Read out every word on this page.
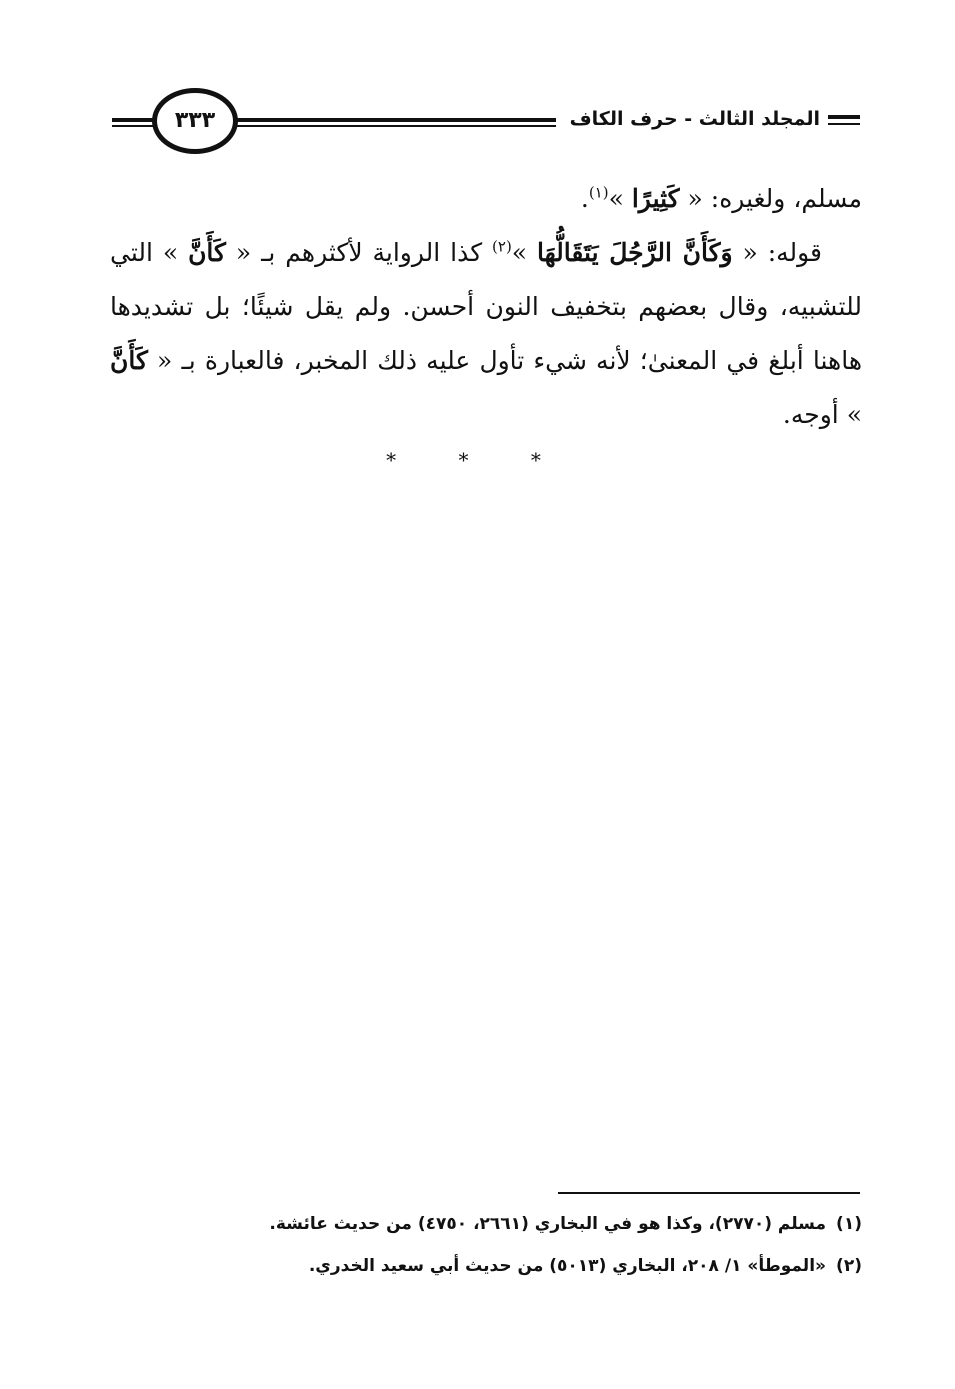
المجلد الثالث - حرف الكاف
٣٣٣

مسلم، ولغيره: « كَثِيرًا »$^{(١)}$.

قوله: « وَكَأَنَّ الرَّجُلَ يَتَقَالُّهَا »$^{(٢)}$ كذا الرواية لأكثرهم بـ « كَأَنَّ » التي للتشبيه، وقال بعضهم بتخفيف النون أحسن. ولم يقل شيئًا؛ بل تشديدها هاهنا أبلغ في المعنىٰ؛ لأنه شيء تأول عليه ذلك المخبر، فالعبارة بـ « كَأَنَّ » أوجه.

* * *
(١)مسلم (٢٧٧٠)، وكذا هو في البخاري (٢٦٦١، ٤٧٥٠) من حديث عائشة.
(٢)«الموطأ» ١/ ٢٠٨، البخاري (٥٠١٣) من حديث أبي سعيد الخدري.
